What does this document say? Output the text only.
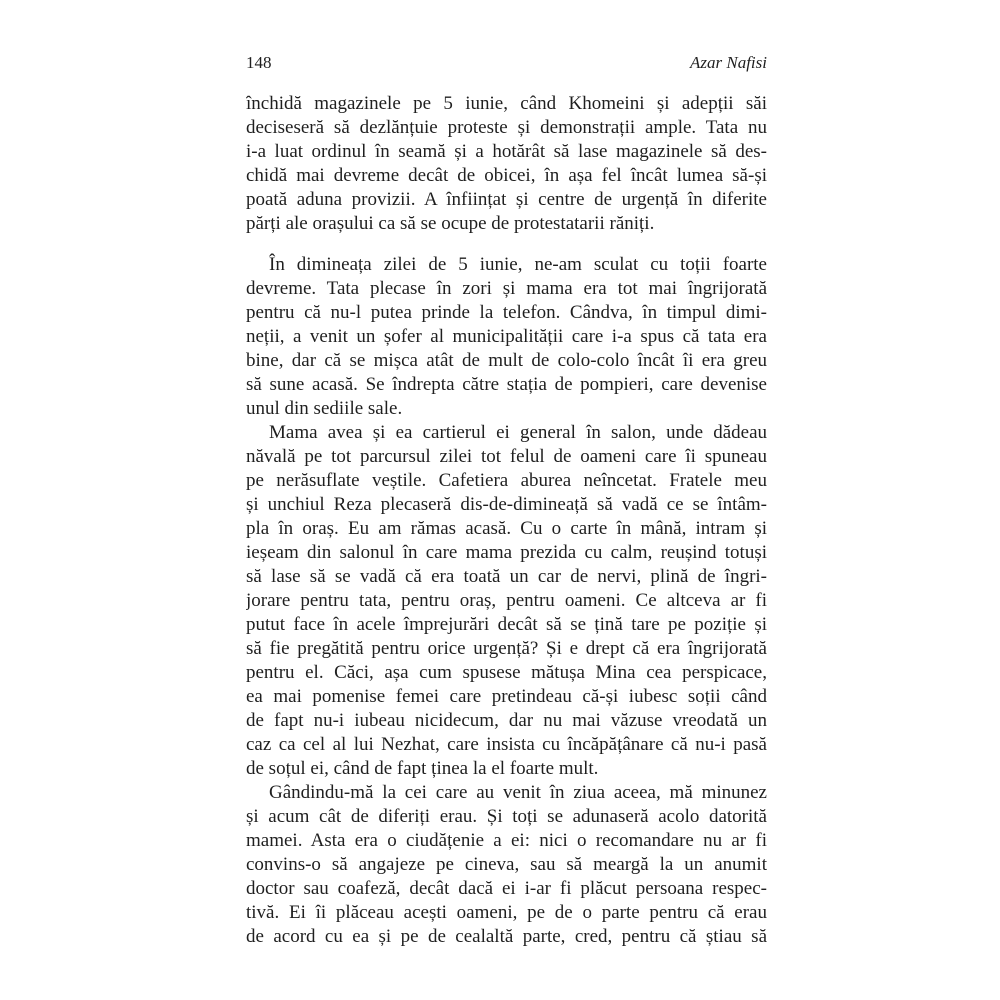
148	Azar Nafisi
închidă magazinele pe 5 iunie, când Khomeini și adepții săi
deciseseră să dezlănțuie proteste și demonstrații ample. Tata nu
i-a luat ordinul în seamă și a hotărât să lase magazinele să des-
chidă mai devreme decât de obicei, în așa fel încât lumea să-și
poată aduna provizii. A înființat și centre de urgență în diferite
părți ale orașului ca să se ocupe de protestatarii răniți.
În dimineața zilei de 5 iunie, ne-am sculat cu toții foarte
devreme. Tata plecase în zori și mama era tot mai îngrijorată
pentru că nu-l putea prinde la telefon. Cândva, în timpul dimi-
neții, a venit un șofer al municipalității care i-a spus că tata era
bine, dar că se mișca atât de mult de colo-colo încât îi era greu
să sune acasă. Se îndrepta către stația de pompieri, care devenise
unul din sediile sale.
Mama avea și ea cartierul ei general în salon, unde dădeau
năvală pe tot parcursul zilei tot felul de oameni care îi spuneau
pe nerăsuflate veștile. Cafetiera aburea neîncetat. Fratele meu
și unchiul Reza plecaseră dis-de-dimineață să vadă ce se întâm-
pla în oraș. Eu am rămas acasă. Cu o carte în mână, intram și
ieșeam din salonul în care mama prezida cu calm, reușind totuși
să lase să se vadă că era toată un car de nervi, plină de îngri-
jorare pentru tata, pentru oraș, pentru oameni. Ce altceva ar fi
putut face în acele împrejurări decât să se țină tare pe poziție și
să fie pregătită pentru orice urgență? Și e drept că era îngrijorată
pentru el. Căci, așa cum spusese mătușa Mina cea perspicace,
ea mai pomenise femei care pretindeau că-și iubesc soții când
de fapt nu-i iubeau nicidecum, dar nu mai văzuse vreodată un
caz ca cel al lui Nezhat, care insista cu încăpățânare că nu-i pasă
de soțul ei, când de fapt ținea la el foarte mult.
Gândindu-mă la cei care au venit în ziua aceea, mă minunez
și acum cât de diferiți erau. Și toți se adunaseră acolo datorită
mamei. Asta era o ciudățenie a ei: nici o recomandare nu ar fi
convins-o să angajeze pe cineva, sau să meargă la un anumit
doctor sau coafeză, decât dacă ei i-ar fi plăcut persoana respec-
tivă. Ei îi plăceau acești oameni, pe de o parte pentru că erau
de acord cu ea și pe de cealaltă parte, cred, pentru că știau să
